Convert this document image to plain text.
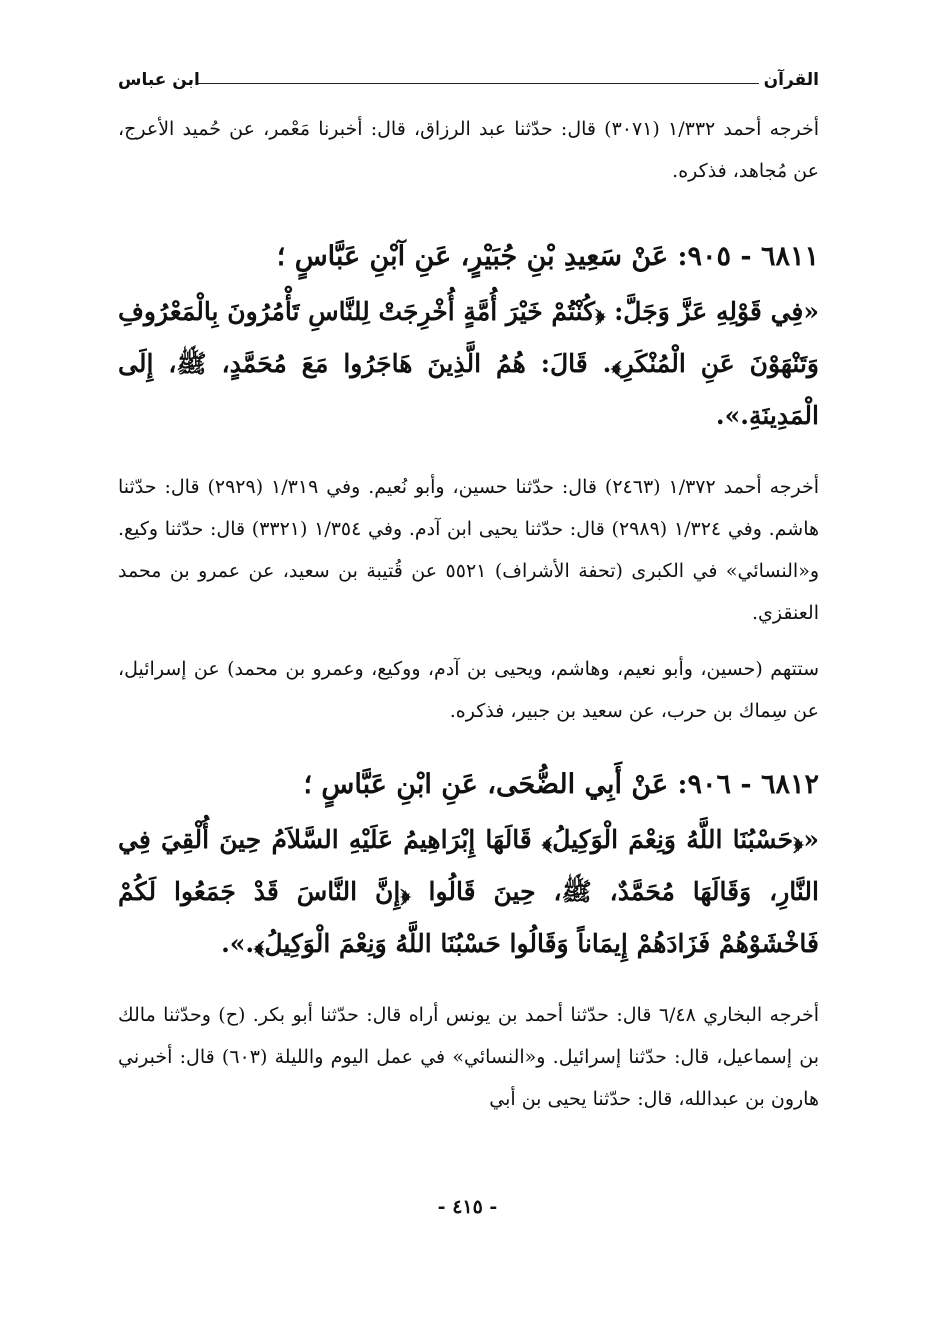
القرآن
ابن عباس

أخرجه أحمد ١/٣٣٢ (٣٠٧١) قال: حدّثنا عبد الرزاق، قال: أخبرنا مَعْمر، عن حُميد الأعرج، عن مُجاهد، فذكره.

٦٨١١ - ٩٠٥: عَنْ سَعِيدِ بْنِ جُبَيْرٍ، عَنِ آبْنِ عَبَّاسٍ ؛

«فِي قَوْلِهِ عَزَّ وَجَلَّ: ﴿كُنْتُمْ خَيْرَ أُمَّةٍ أُخْرِجَتْ لِلنَّاسِ تَأْمُرُونَ بِالْمَعْرُوفِ وَتَنْهَوْنَ عَنِ الْمُنْكَرِ﴾. قَالَ: هُمُ الَّذِينَ هَاجَرُوا مَعَ مُحَمَّدٍ، ﷺ، إِلَى الْمَدِينَةِ.».

أخرجه أحمد ١/٣٧٢ (٢٤٦٣) قال: حدّثنا حسين، وأبو نُعيم. وفي ١/٣١٩ (٢٩٢٩) قال: حدّثنا هاشم. وفي ١/٣٢٤ (٢٩٨٩) قال: حدّثنا يحيى ابن آدم. وفي ١/٣٥٤ (٣٣٢١) قال: حدّثنا وكيع. و«النسائي» في الكبرى (تحفة الأشراف) ٥٥٢١ عن قُتيبة بن سعيد، عن عمرو بن محمد العنقزي.

ستتهم (حسين، وأبو نعيم، وهاشم، ويحيى بن آدم، ووكيع، وعمرو بن محمد) عن إسرائيل، عن سِماك بن حرب، عن سعيد بن جبير، فذكره.

٦٨١٢ - ٩٠٦: عَنْ أَبِي الضُّحَى، عَنِ ابْنِ عَبَّاسٍ ؛

«﴿حَسْبُنَا اللَّهُ وَنِعْمَ الْوَكِيلُ﴾ قَالَهَا إِبْرَاهِيمُ عَلَيْهِ السَّلاَمُ حِينَ أُلْقِيَ فِي النَّارِ، وَقَالَهَا مُحَمَّدٌ، ﷺ، حِينَ قَالُوا ﴿إِنَّ النَّاسَ قَدْ جَمَعُوا لَكُمْ فَاخْشَوْهُمْ فَزَادَهُمْ إِيمَاناً وَقَالُوا حَسْبُنَا اللَّهُ وَنِعْمَ الْوَكِيلُ﴾.».

أخرجه البخاري ٦/٤٨ قال: حدّثنا أحمد بن يونس أراه قال: حدّثنا أبو بكر. (ح) وحدّثنا مالك بن إسماعيل، قال: حدّثنا إسرائيل. و«النسائي» في عمل اليوم والليلة (٦٠٣) قال: أخبرني هارون بن عبدالله، قال: حدّثنا يحيى بن أبي

- ٤١٥ -
